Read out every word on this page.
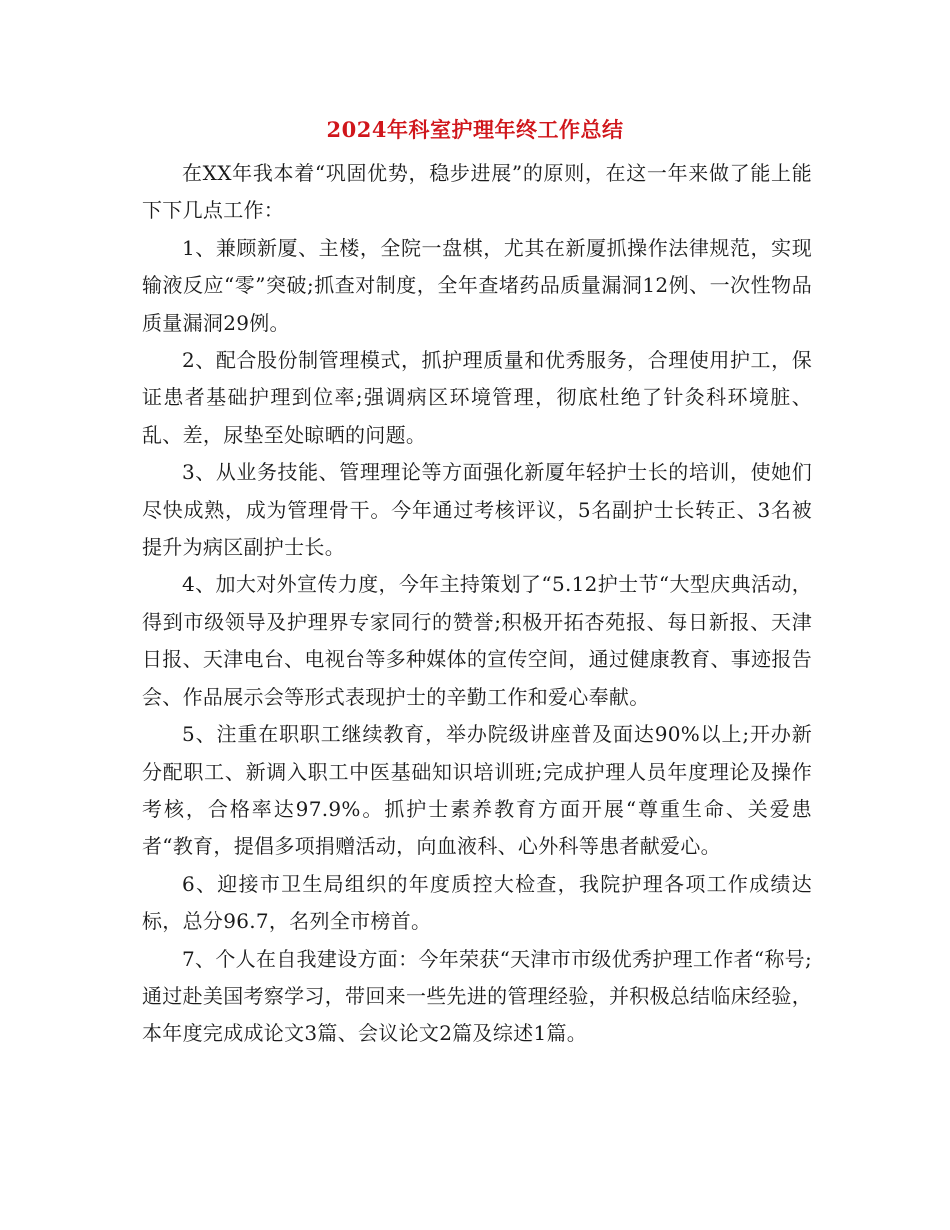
2024年科室护理年终工作总结

在XX年我本着“巩固优势，稳步进展”的原则，在这一年来做了能上能下下几点工作：

1、兼顾新厦、主楼，全院一盘棋，尤其在新厦抓操作法律规范，实现输液反应“零”突破;抓查对制度，全年查堵药品质量漏洞12例、一次性物品质量漏洞29例。

2、配合股份制管理模式，抓护理质量和优秀服务，合理使用护工，保证患者基础护理到位率;强调病区环境管理，彻底杜绝了针灸科环境脏、乱、差，尿垫至处晾晒的问题。

3、从业务技能、管理理论等方面强化新厦年轻护士长的培训，使她们尽快成熟，成为管理骨干。今年通过考核评议，5名副护士长转正、3名被提升为病区副护士长。

4、加大对外宣传力度，今年主持策划了“5.12护士节“大型庆典活动，得到市级领导及护理界专家同行的赞誉;积极开拓杏苑报、每日新报、天津日报、天津电台、电视台等多种媒体的宣传空间，通过健康教育、事迹报告会、作品展示会等形式表现护士的辛勤工作和爱心奉献。

5、注重在职职工继续教育，举办院级讲座普及面达90%以上;开办新分配职工、新调入职工中医基础知识培训班;完成护理人员年度理论及操作考核，合格率达97.9%。抓护士素养教育方面开展“尊重生命、关爱患者“教育，提倡多项捐赠活动，向血液科、心外科等患者献爱心。

6、迎接市卫生局组织的年度质控大检查，我院护理各项工作成绩达标，总分96.7，名列全市榜首。

7、个人在自我建设方面：今年荣获“天津市市级优秀护理工作者“称号;通过赴美国考察学习，带回来一些先进的管理经验，并积极总结临床经验，本年度完成成论文3篇、会议论文2篇及综述1篇。
